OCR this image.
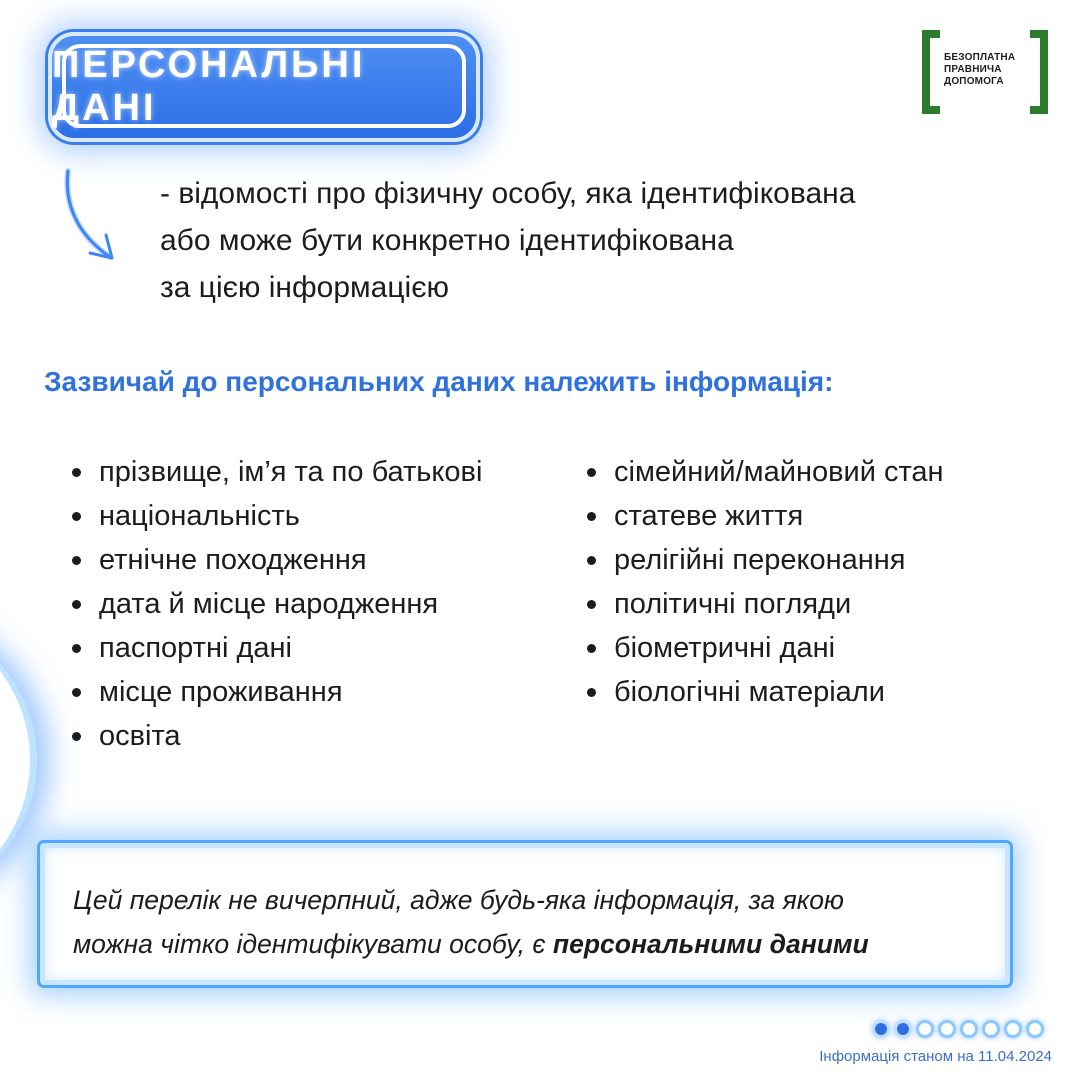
ПЕРСОНАЛЬНІ ДАНІ
БЕЗОПЛАТНА
ПРАВНИЧА
ДОПОМОГА
- відомості про фізичну особу, яка ідентифікована
або може бути конкретно ідентифікована
за цією інформацією
Зазвичай до персональних даних належить інформація:
прізвище, ім’я та по батькові
національність
етнічне походження
дата й місце народження
паспортні дані
місце проживання
освіта
сімейний/майновий стан
статеве життя
релігійні переконання
політичні погляди
біометричні дані
біологічні матеріали
Цей перелік не вичерпний, адже будь-яка інформація, за якою
можна чітко ідентифікувати особу, є персональними даними
Інформація станом на 11.04.2024
